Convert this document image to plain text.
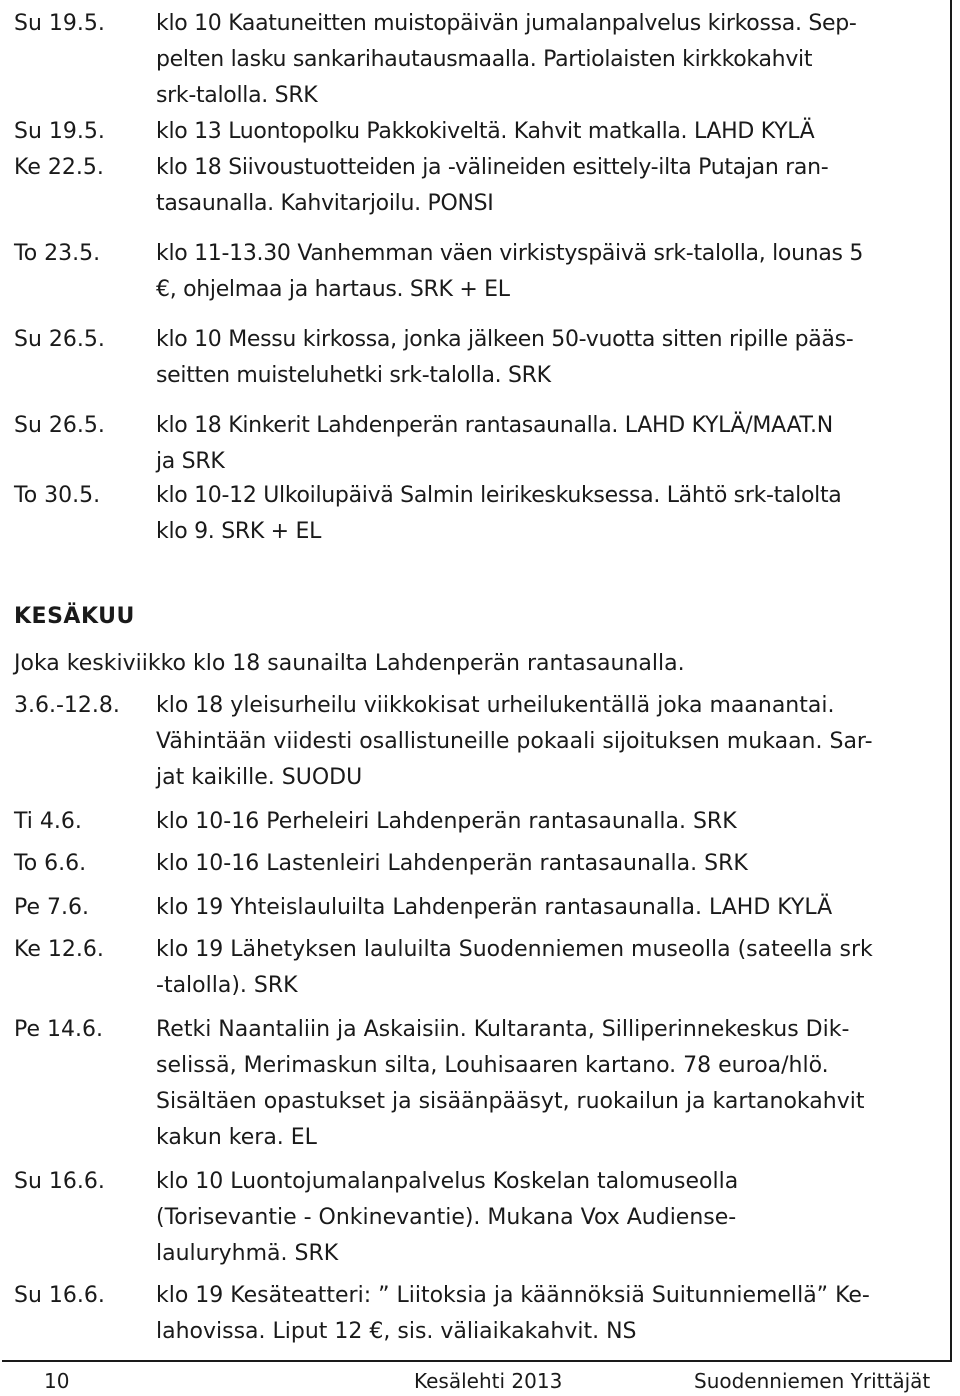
Su 19.5. klo 10 Kaatuneitten muistopäivän jumalanpalvelus kirkossa. Sep-
pelten lasku sankarihautausmaalla. Partiolaisten kirkkokahvit
srk-talolla. SRK
Su 19.5. klo 13 Luontopolku Pakkokiveltä. Kahvit matkalla. LAHD KYLÄ
Ke 22.5. klo 18 Siivoustuotteiden ja -välineiden esittely-ilta Putajan ran-
tasaunalla. Kahvitarjoilu. PONSI
To 23.5.	klo 11-13.30 Vanhemman väen virkistyspäivä srk-talolla, lounas 5
€, ohjelmaa ja hartaus. SRK + EL
Su 26.5. klo 10 Messu kirkossa, jonka jälkeen 50-vuotta sitten ripille pääs-
seitten muisteluhetki srk-talolla. SRK
Su 26.5. klo 18 Kinkerit Lahdenperän rantasaunalla. LAHD KYLÄ/MAAT.N
ja SRK
To 30.5.	klo 10-12 Ulkoilupäivä Salmin leirikeskuksessa. Lähtö srk-talolta
klo 9. SRK + EL
KESÄKUU
Joka keskiviikko klo 18 saunailta Lahdenperän rantasaunalla.
3.6.-12.8. klo 18 yleisurheilu viikkokisat urheilukentällä joka maanantai.
Vähintään viidesti osallistuneille pokaali sijoituksen mukaan. Sar-
jat kaikille. SUODU
Ti 4.6.	klo 10-16 Perheleiri Lahdenperän rantasaunalla. SRK
To 6.6.	klo 10-16 Lastenleiri Lahdenperän rantasaunalla. SRK
Pe 7.6.	klo 19 Yhteislauluilta Lahdenperän rantasaunalla. LAHD KYLÄ
Ke 12.6. klo 19 Lähetyksen lauluilta Suodenniemen museolla (sateella srk
-talolla). SRK
Pe 14.6. Retki Naantaliin ja Askaisiin. Kultaranta, Silliperinnekeskus Dik-
selissä, Merimaskun silta, Louhisaaren kartano. 78 euroa/hlö.
Sisältäen opastukset ja sisäänpääsyt, ruokailun ja kartanokahvit
kakun kera. EL
Su 16.6. klo 10 Luontojumalanpalvelus Koskelan talomuseolla
(Torisevantie - Onkinevantie). Mukana Vox Audiense-
lauluryhmä. SRK
Su 16.6. klo 19 Kesäteatteri: ” Liitoksia ja käännöksiä Suitunniemellä” Ke-
lahovissa. Liput 12 €, sis. väliaikakahvit. NS
10	Kesälehti 2013	Suodenniemen Yrittäjät
